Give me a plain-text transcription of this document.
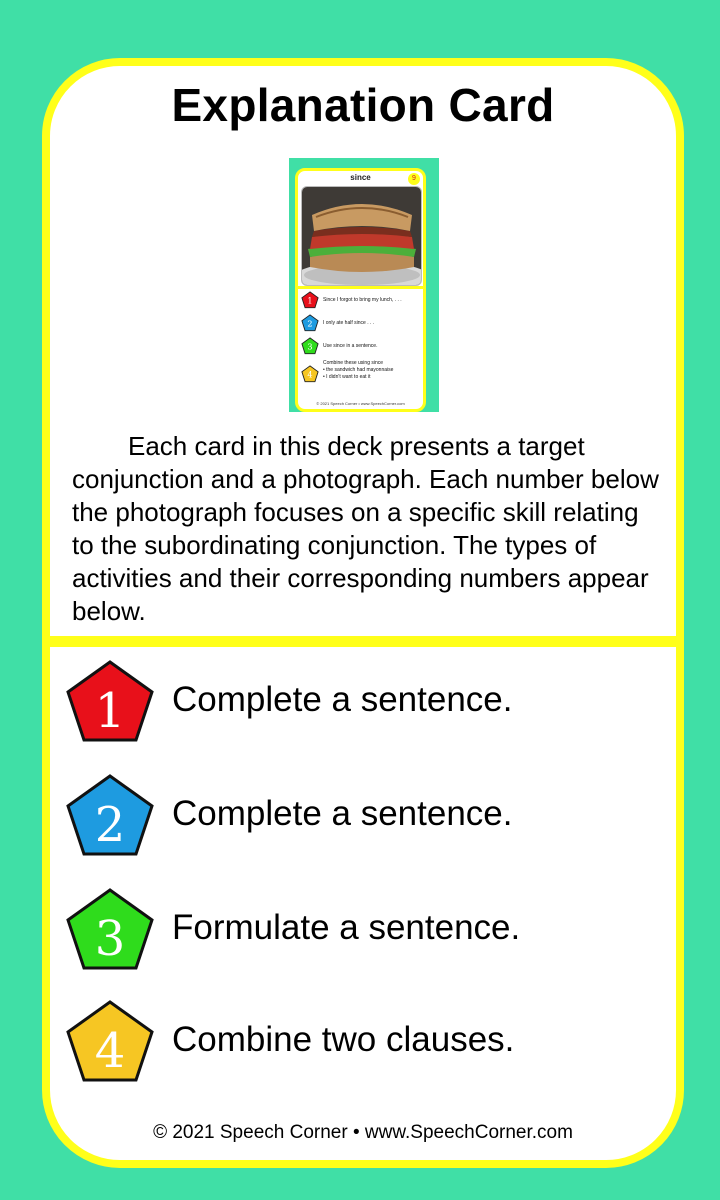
Explanation Card
since	9
1 Since I forgot to bring my lunch, . . .
2 I only ate half since . . .
3 Use since in a sentence.
4
Combine these using since
• the sandwich had mayonnaise
• I didn't want to eat it
© 2021 Speech Corner • www.SpeechCorner.com
Each card in this deck presents a target conjunction and a photograph. Each number below the photograph focuses on a specific skill relating to the subordinating conjunction. The types of activities and their corresponding numbers appear below.
1 Complete a sentence.
2 Complete a sentence.
3 Formulate a sentence.
4 Combine two clauses.
© 2021 Speech Corner • www.SpeechCorner.com
